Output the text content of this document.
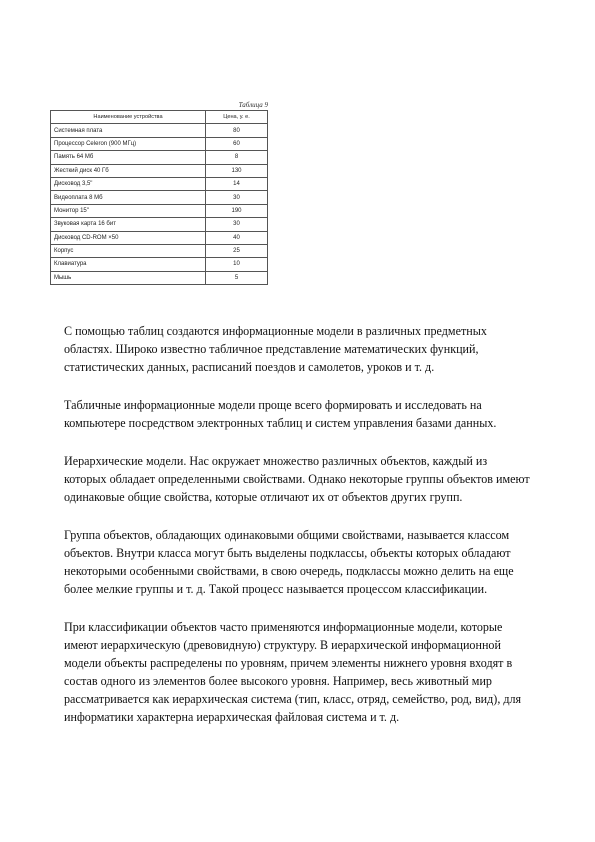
Таблица 9
Наименование устройства	Цена, у. е.
Системная плата	80
Процессор Celeron (900 МГц)	60
Память 64 Мб	8
Жесткий диск 40 Гб	130
Дисковод 3,5"	14
Видеоплата 8 Мб	30
Монитор 15"	190
Звуковая карта 16 бит	30
Дисковод CD-ROM ×50	40
Корпус	25
Клавиатура	10
Мышь	5

С помощью таблиц создаются информационные модели в различных предметных
областях. Широко известно табличное представление математических функций,
статистических данных, расписаний поездов и самолетов, уроков и т. д.

Табличные информационные модели проще всего формировать и исследовать на
компьютере посредством электронных таблиц и систем управления базами данных.

Иерархические модели. Нас окружает множество различных объектов, каждый из
которых обладает определенными свойствами. Однако некоторые группы объектов имеют
одинаковые общие свойства, которые отличают их от объектов других групп.

Группа объектов, обладающих одинаковыми общими свойствами, называется классом
объектов. Внутри класса могут быть выделены подклассы, объекты которых обладают
некоторыми особенными свойствами, в свою очередь, подклассы можно делить на еще
более мелкие группы и т. д. Такой процесс называется процессом классификации.

При классификации объектов часто применяются информационные модели, которые
имеют иерархическую (древовидную) структуру. В иерархической информационной
модели объекты распределены по уровням, причем элементы нижнего уровня входят в
состав одного из элементов более высокого уровня. Например, весь животный мир
рассматривается как иерархическая система (тип, класс, отряд, семейство, род, вид), для
информатики характерна иерархическая файловая система и т. д.
